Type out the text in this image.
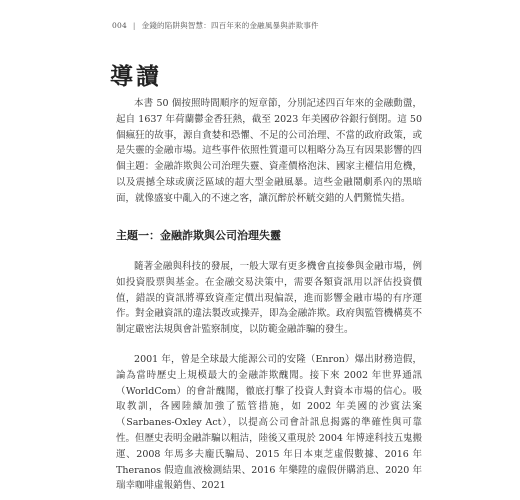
004 | 金錢的陷阱與智慧：四百年來的金融風暴與詐欺事件
導讀

本書 50 個按照時間順序的短章節，分別記述四百年來的金融動盪，起自 1637 年荷蘭鬱金香狂熱，截至 2023 年美國矽谷銀行倒閉。這 50 個瘋狂的故事，源自貪婪和恐懼、不足的公司治理、不當的政府政策，或是失靈的金融市場。這些事件依照性質還可以粗略分為互有因果影響的四個主題：金融詐欺與公司治理失靈、資產價格泡沫、國家主權信用危機，以及震撼全球或廣泛區域的超大型金融風暴。這些金融鬧劇系內的黑暗面，就像盛宴中亂入的不速之客，讓沉醉於杯觥交錯的人們驚慌失措。

主題一：金融詐欺與公司治理失靈

隨著金融與科技的發展，一般大眾有更多機會直接參與金融市場，例如投資股票與基金。在金融交易決策中，需要各類資訊用以評估投資價值，錯誤的資訊將導致資產定價出現偏誤，進而影響金融市場的有序運作。對金融資訊的違法製改或操弄，即為金融詐欺。政府與監管機構莫不制定嚴密法規與會計監察制度，以防範金融詐騙的發生。

2001 年，曾是全球最大能源公司的安隆（Enron）爆出財務造假，論為當時歷史上規模最大的金融詐欺醜聞。接下來 2002 年世界通訊（WorldCom）的會計醜聞，徹底打擊了投資人對資本市場的信心。吸取教訓，各國陸續加強了監管措施，如 2002 年美國的沙賓法案（Sarbanes-Oxley Act），以提高公司會計訊息揭露的準確性與可靠性。但歷史表明金融詐騙以粗洁，陸後又重現於 2004 年博達科技五鬼搬運、2008 年馬多夫龐氏騙局、2015 年日本東芝虛假數據、2016 年 Theranos 假造血液檢測結果、2016 年樂陞的虛假併購消息、2020 年瑞幸咖啡虛報銷售、2021
